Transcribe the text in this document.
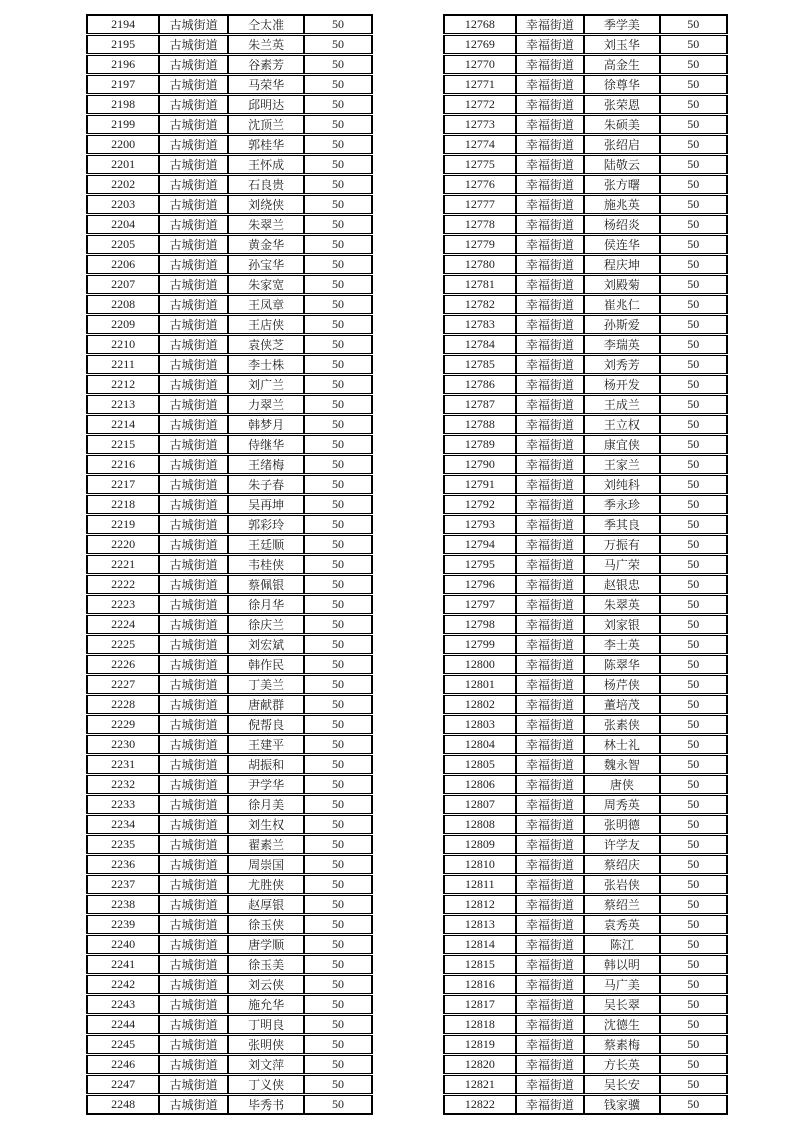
2194	古城街道	仝太准	50
2195	古城街道	朱兰英	50
2196	古城街道	谷素芳	50
2197	古城街道	马荣华	50
2198	古城街道	邱明达	50
2199	古城街道	沈顶兰	50
2200	古城街道	郭桂华	50
2201	古城街道	王怀成	50
2202	古城街道	石良贵	50
2203	古城街道	刘绕侠	50
2204	古城街道	朱翠兰	50
2205	古城街道	黄金华	50
2206	古城街道	孙宝华	50
2207	古城街道	朱家宽	50
2208	古城街道	王凤章	50
2209	古城街道	王店侠	50
2210	古城街道	袁侠芝	50
2211	古城街道	李士株	50
2212	古城街道	刘广兰	50
2213	古城街道	力翠兰	50
2214	古城街道	韩梦月	50
2215	古城街道	侍继华	50
2216	古城街道	王绪梅	50
2217	古城街道	朱子春	50
2218	古城街道	吴再坤	50
2219	古城街道	郭彩玲	50
2220	古城街道	王廷顺	50
2221	古城街道	韦桂侠	50
2222	古城街道	蔡佩银	50
2223	古城街道	徐月华	50
2224	古城街道	徐庆兰	50
2225	古城街道	刘宏斌	50
2226	古城街道	韩作民	50
2227	古城街道	丁美兰	50
2228	古城街道	唐献群	50
2229	古城街道	倪帮良	50
2230	古城街道	王建平	50
2231	古城街道	胡振和	50
2232	古城街道	尹学华	50
2233	古城街道	徐月美	50
2234	古城街道	刘生权	50
2235	古城街道	翟素兰	50
2236	古城街道	周崇国	50
2237	古城街道	尤胜侠	50
2238	古城街道	赵厚银	50
2239	古城街道	徐玉侠	50
2240	古城街道	唐学顺	50
2241	古城街道	徐玉美	50
2242	古城街道	刘云侠	50
2243	古城街道	施允华	50
2244	古城街道	丁明良	50
2245	古城街道	张明侠	50
2246	古城街道	刘文萍	50
2247	古城街道	丁义侠	50
2248	古城街道	毕秀书	50
12768	幸福街道	季学美	50
12769	幸福街道	刘玉华	50
12770	幸福街道	高金生	50
12771	幸福街道	徐尊华	50
12772	幸福街道	张荣恩	50
12773	幸福街道	朱硕美	50
12774	幸福街道	张绍启	50
12775	幸福街道	陆敬云	50
12776	幸福街道	张方曙	50
12777	幸福街道	施兆英	50
12778	幸福街道	杨绍炎	50
12779	幸福街道	侯连华	50
12780	幸福街道	程庆坤	50
12781	幸福街道	刘殿菊	50
12782	幸福街道	崔兆仁	50
12783	幸福街道	孙斯爱	50
12784	幸福街道	李瑞英	50
12785	幸福街道	刘秀芳	50
12786	幸福街道	杨开发	50
12787	幸福街道	王成兰	50
12788	幸福街道	王立权	50
12789	幸福街道	康宜侠	50
12790	幸福街道	王家兰	50
12791	幸福街道	刘纯科	50
12792	幸福街道	季永珍	50
12793	幸福街道	季其良	50
12794	幸福街道	万振有	50
12795	幸福街道	马广荣	50
12796	幸福街道	赵银忠	50
12797	幸福街道	朱翠英	50
12798	幸福街道	刘家银	50
12799	幸福街道	李士英	50
12800	幸福街道	陈翠华	50
12801	幸福街道	杨芹侠	50
12802	幸福街道	董培茂	50
12803	幸福街道	张素侠	50
12804	幸福街道	林士礼	50
12805	幸福街道	魏永智	50
12806	幸福街道	唐侠	50
12807	幸福街道	周秀英	50
12808	幸福街道	张明德	50
12809	幸福街道	许学友	50
12810	幸福街道	蔡绍庆	50
12811	幸福街道	张岩侠	50
12812	幸福街道	蔡绍兰	50
12813	幸福街道	袁秀英	50
12814	幸福街道	陈江	50
12815	幸福街道	韩以明	50
12816	幸福街道	马广美	50
12817	幸福街道	吴长翠	50
12818	幸福街道	沈德生	50
12819	幸福街道	蔡素梅	50
12820	幸福街道	方长英	50
12821	幸福街道	吴长安	50
12822	幸福街道	钱家骥	50
